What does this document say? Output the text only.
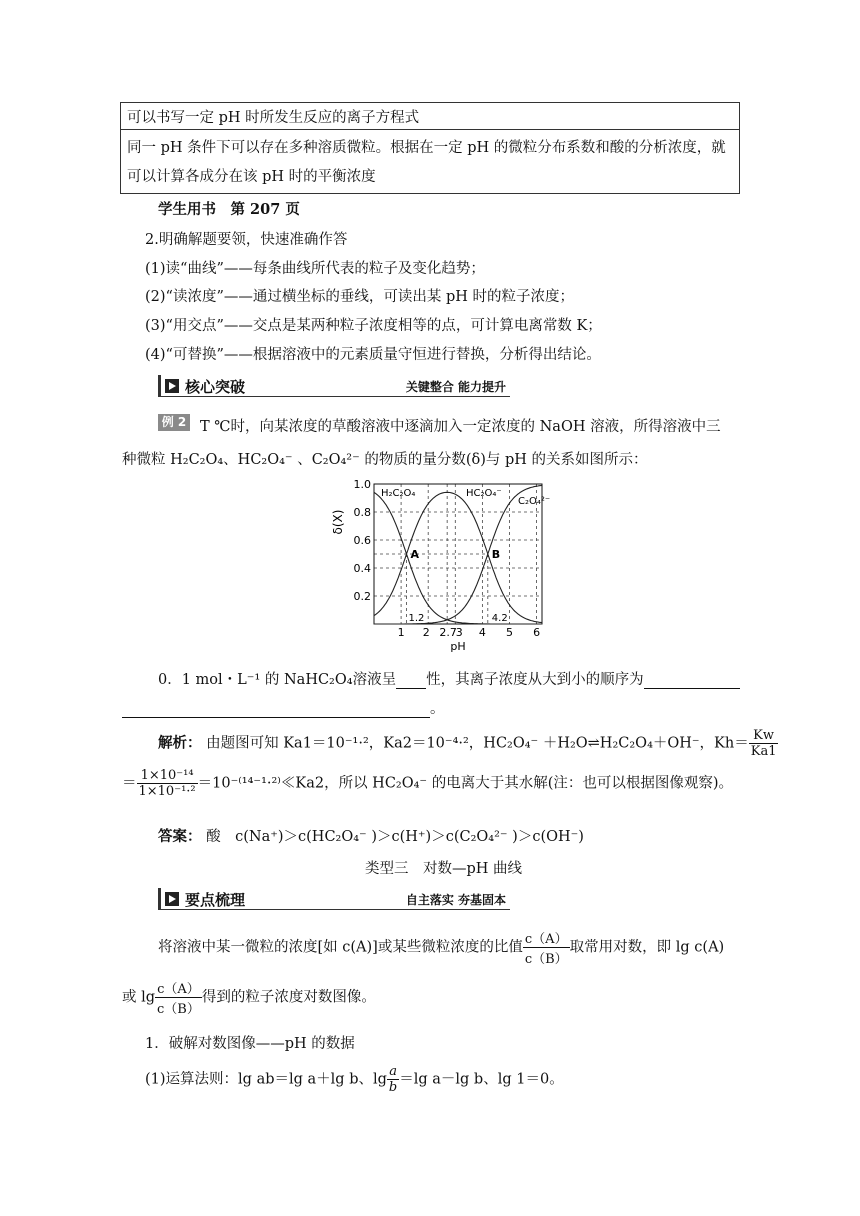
可以书写一定 pH 时所发生反应的离子方程式
同一 pH 条件下可以存在多种溶质微粒。根据在一定 pH 的微粒分布系数和酸的分析浓度，就
可以计算各成分在该 pH 时的平衡浓度
学生用书　第 207 页
2.明确解题要领，快速准确作答
(1)读“曲线”——每条曲线所代表的粒子及变化趋势；
(2)“读浓度”——通过横坐标的垂线，可读出某 pH 时的粒子浓度；
(3)“用交点”——交点是某两种粒子浓度相等的点，可计算电离常数 K；
(4)“可替换”——根据溶液中的元素质量守恒进行替换，分析得出结论。
核心突破	关键整合 能力提升
例 2 T ℃时，向某浓度的草酸溶液中逐滴加入一定浓度的 NaOH 溶液，所得溶液中三
种微粒 H₂C₂O₄、HC₂O₄⁻ 、C₂O₄²⁻ 的物质的量分数(δ)与 pH 的关系如图所示：
1.0
0.8
0.6
0.4
0.2
1 2 2.7
3 4 5 6
δ(X)
pH
H₂C₂O₄	HC₂O₄⁻
C₂O₄²⁻
A	B
1.2	4.2
0．1 mol・L⁻¹ 的 NaHC₂O₄溶液呈 性，其离子浓度从大到小的顺序为
。
解析： 由题图可知 Ka1＝10⁻¹·²，Ka2＝10⁻⁴·²，HC₂O₄⁻ ＋H₂O⇌H₂C₂O₄＋OH⁻，$Kh= \frac{Kw}{Ka1}$
＝ $\frac{\text{1×10⁻¹⁴}}{\text{1×10⁻¹·²}}$ ＝10⁻⁽¹⁴⁻¹·²⁾≪Ka2，所以 HC₂O₄⁻ 的电离大于其水解(注：也可以根据图像观察)。
答案： 酸　c(Na⁺)＞c(HC₂O₄⁻ )＞c(H⁺)＞c(C₂O₄²⁻ )＞c(OH⁻)
类型三　对数—pH 曲线
要点梳理	自主落实 夯基固本
将溶液中某一微粒的浓度[如 c(A)]或某些微粒浓度的比值 $\frac{c(A)}{c(B)}$ 取常用对数，即 lg c(A)
或 $\lg \frac{c(A)}{c(B)}$ 得到的粒子浓度对数图像。
1．破解对数图像——pH 的数据
(1)运算法则：lg ab＝lg a＋lg b、$\lg \frac{a}{b} =\lg$ a－lg b、lg 1＝0。
